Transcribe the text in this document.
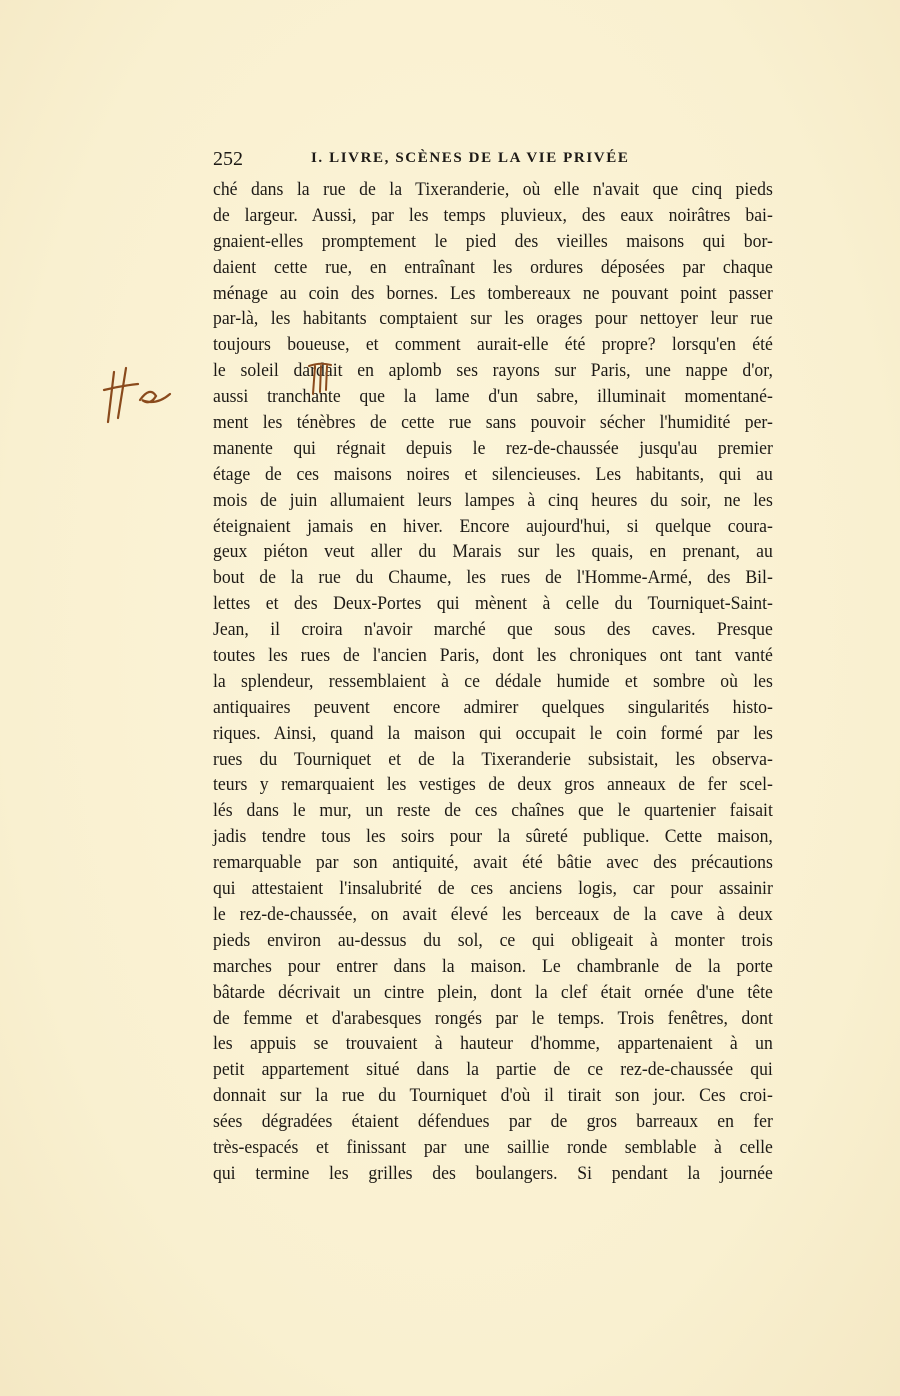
252	I. LIVRE, SCÈNES DE LA VIE PRIVÉE
ché dans la rue de la Tixeranderie, où elle n'avait que cinq pieds
de largeur. Aussi, par les temps pluvieux, des eaux noirâtres bai-
gnaient-elles promptement le pied des vieilles maisons qui bor-
daient cette rue, en entraînant les ordures déposées par chaque
ménage au coin des bornes. Les tombereaux ne pouvant point passer
par-là, les habitants comptaient sur les orages pour nettoyer leur rue
toujours boueuse, et comment aurait-elle été propre? lorsqu'en été
le soleil dardait en aplomb ses rayons sur Paris, une nappe d'or,
aussi tranchante que la lame d'un sabre, illuminait momentané-
ment les ténèbres de cette rue sans pouvoir sécher l'humidité per-
manente qui régnait depuis le rez-de-chaussée jusqu'au premier
étage de ces maisons noires et silencieuses. Les habitants, qui au
mois de juin allumaient leurs lampes à cinq heures du soir, ne les
éteignaient jamais en hiver. Encore aujourd'hui, si quelque coura-
geux piéton veut aller du Marais sur les quais, en prenant, au
bout de la rue du Chaume, les rues de l'Homme-Armé, des Bil-
lettes et des Deux-Portes qui mènent à celle du Tourniquet-Saint-
Jean, il croira n'avoir marché que sous des caves. Presque
toutes les rues de l'ancien Paris, dont les chroniques ont tant vanté
la splendeur, ressemblaient à ce dédale humide et sombre où les
antiquaires peuvent encore admirer quelques singularités histo-
riques. Ainsi, quand la maison qui occupait le coin formé par les
rues du Tourniquet et de la Tixeranderie subsistait, les observa-
teurs y remarquaient les vestiges de deux gros anneaux de fer scel-
lés dans le mur, un reste de ces chaînes que le quartenier faisait
jadis tendre tous les soirs pour la sûreté publique. Cette maison,
remarquable par son antiquité, avait été bâtie avec des précautions
qui attestaient l'insalubrité de ces anciens logis, car pour assainir
le rez-de-chaussée, on avait élevé les berceaux de la cave à deux
pieds environ au-dessus du sol, ce qui obligeait à monter trois
marches pour entrer dans la maison. Le chambranle de la porte
bâtarde décrivait un cintre plein, dont la clef était ornée d'une tête
de femme et d'arabesques rongés par le temps. Trois fenêtres, dont
les appuis se trouvaient à hauteur d'homme, appartenaient à un
petit appartement situé dans la partie de ce rez-de-chaussée qui
donnait sur la rue du Tourniquet d'où il tirait son jour. Ces croi-
sées dégradées étaient défendues par de gros barreaux en fer
très-espacés et finissant par une saillie ronde semblable à celle
qui termine les grilles des boulangers. Si pendant la journée
